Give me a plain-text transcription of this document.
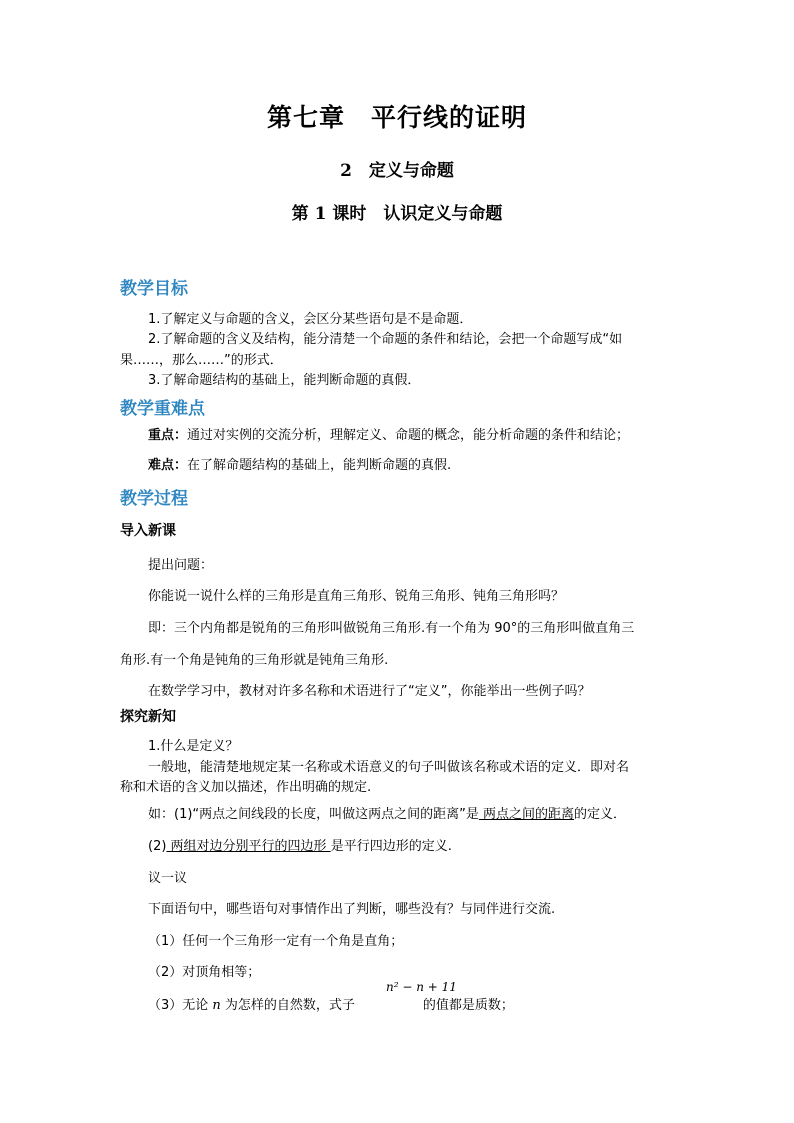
第七章　平行线的证明
2　定义与命题
第 1 课时　认识定义与命题
教学目标
1.了解定义与命题的含义，会区分某些语句是不是命题．
2.了解命题的含义及结构，能分清楚一个命题的条件和结论，会把一个命题写成“如
果……，那么……”的形式．
3.了解命题结构的基础上，能判断命题的真假．
教学重难点
重点：通过对实例的交流分析，理解定义、命题的概念，能分析命题的条件和结论；
难点：在了解命题结构的基础上，能判断命题的真假.
教学过程
导入新课
提出问题：
你能说一说什么样的三角形是直角三角形、锐角三角形、钝角三角形吗？
即：三个内角都是锐角的三角形叫做锐角三角形.有一个角为 90°的三角形叫做直角三
角形.有一个角是钝角的三角形就是钝角三角形.
在数学学习中，教材对许多名称和术语进行了“定义”，你能举出一些例子吗？
探究新知
1.什么是定义？
一般地，能清楚地规定某一名称或术语意义的句子叫做该名称或术语的定义．即对名
称和术语的含义加以描述，作出明确的规定.
如：(1)“两点之间线段的长度，叫做这两点之间的距离”是 两点之间的距离的定义．
(2) 两组对边分别平行的四边形 是平行四边形的定义.
议一议
下面语句中，哪些语句对事情作出了判断，哪些没有？与同伴进行交流.
（1）任何一个三角形一定有一个角是直角；
（2）对顶角相等；
n² − n + 11
（3）无论 n 为怎样的自然数，式子	的值都是质数；
